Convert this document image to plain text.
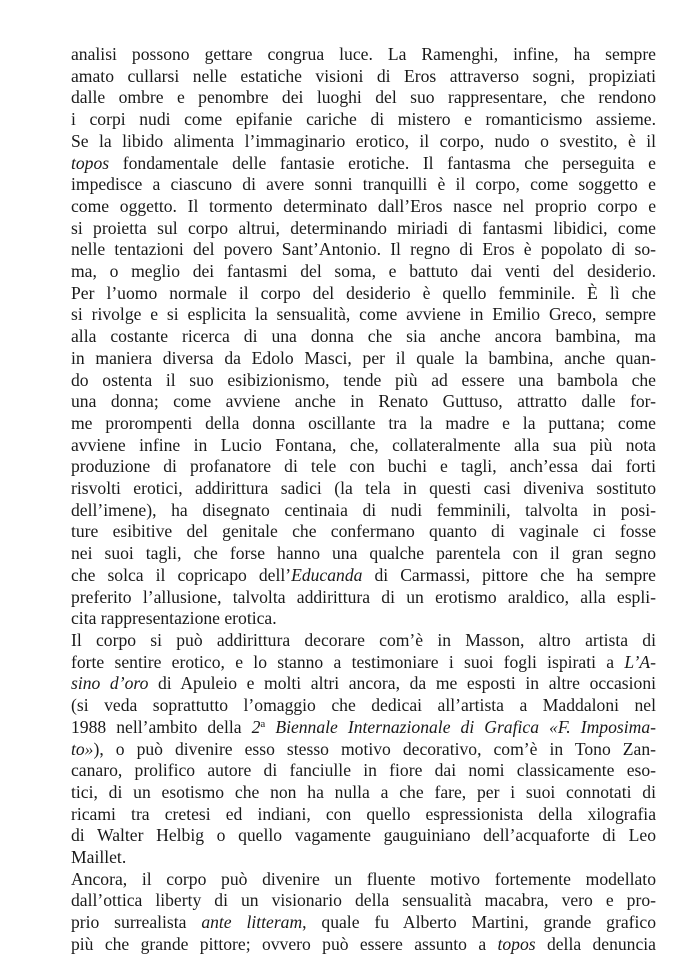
analisi possono gettare congrua luce. La Ramenghi, infine, ha sempre
amato cullarsi nelle estatiche visioni di Eros attraverso sogni, propiziati
dalle ombre e penombre dei luoghi del suo rappresentare, che rendono
i corpi nudi come epifanie cariche di mistero e romanticismo assieme.
Se la libido alimenta l’immaginario erotico, il corpo, nudo o svestito, è il
topos fondamentale delle fantasie erotiche. Il fantasma che perseguita e
impedisce a ciascuno di avere sonni tranquilli è il corpo, come soggetto e
come oggetto. Il tormento determinato dall’Eros nasce nel proprio corpo e
si proietta sul corpo altrui, determinando miriadi di fantasmi libidici, come
nelle tentazioni del povero Sant’Antonio. Il regno di Eros è popolato di so-
ma, o meglio dei fantasmi del soma, e battuto dai venti del desiderio.
Per l’uomo normale il corpo del desiderio è quello femminile. È lì che
si rivolge e si esplicita la sensualità, come avviene in Emilio Greco, sempre
alla costante ricerca di una donna che sia anche ancora bambina, ma
in maniera diversa da Edolo Masci, per il quale la bambina, anche quan-
do ostenta il suo esibizionismo, tende più ad essere una bambola che
una donna; come avviene anche in Renato Guttuso, attratto dalle for-
me prorompenti della donna oscillante tra la madre e la puttana; come
avviene infine in Lucio Fontana, che, collateralmente alla sua più nota
produzione di profanatore di tele con buchi e tagli, anch’essa dai forti
risvolti erotici, addirittura sadici (la tela in questi casi diveniva sostituto
dell’imene), ha disegnato centinaia di nudi femminili, talvolta in posi-
ture esibitive del genitale che confermano quanto di vaginale ci fosse
nei suoi tagli, che forse hanno una qualche parentela con il gran segno
che solca il copricapo dell’Educanda di Carmassi, pittore che ha sempre
preferito l’allusione, talvolta addirittura di un erotismo araldico, alla espli-
cita rappresentazione erotica.
Il corpo si può addirittura decorare com’è in Masson, altro artista di
forte sentire erotico, e lo stanno a testimoniare i suoi fogli ispirati a L’A-
sino d’oro di Apuleio e molti altri ancora, da me esposti in altre occasioni
(si veda soprattutto l’omaggio che dedicai all’artista a Maddaloni nel
1988 nell’ambito della 2$^a$ Biennale Internazionale di Grafica «F. Imposima-
to»), o può divenire esso stesso motivo decorativo, com’è in Tono Zan-
canaro, prolifico autore di fanciulle in fiore dai nomi classicamente eso-
tici, di un esotismo che non ha nulla a che fare, per i suoi connotati di
ricami tra cretesi ed indiani, con quello espressionista della xilografia
di Walter Helbig o quello vagamente gauguiniano dell’acquaforte di Leo
Maillet.
Ancora, il corpo può divenire un fluente motivo fortemente modellato
dall’ottica liberty di un visionario della sensualità macabra, vero e pro-
prio surrealista ante litteram, quale fu Alberto Martini, grande grafico
più che grande pittore; ovvero può essere assunto a topos della denuncia
